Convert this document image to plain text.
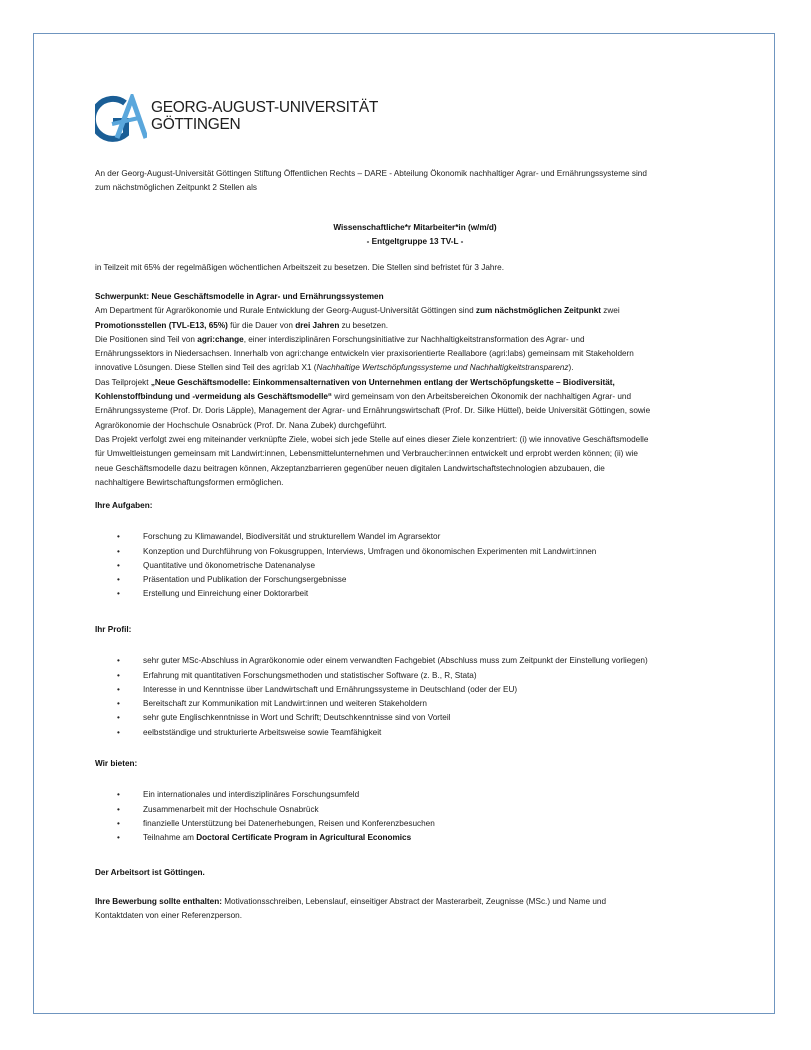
GEORG-AUGUST-UNIVERSITÄT
GÖTTINGEN

An der Georg-August-Universität Göttingen Stiftung Öffentlichen Rechts – DARE - Abteilung Ökonomik nachhaltiger Agrar- und Ernährungssysteme sind

zum nächstmöglichen Zeitpunkt 2 Stellen als

Wissenschaftliche*r Mitarbeiter*in (w/m/d)

- Entgeltgruppe 13 TV-L -

in Teilzeit mit 65% der regelmäßigen wöchentlichen Arbeitszeit zu besetzen. Die Stellen sind befristet für 3 Jahre.

Schwerpunkt: Neue Geschäftsmodelle in Agrar- und Ernährungssystemen

Am Department für Agrarökonomie und Rurale Entwicklung der Georg-August-Universität Göttingen sind zum nächstmöglichen Zeitpunkt zwei

Promotionsstellen (TVL-E13, 65%) für die Dauer von drei Jahren zu besetzen.

Die Positionen sind Teil von agri:change, einer interdisziplinären Forschungsinitiative zur Nachhaltigkeitstransformation des Agrar- und

Ernährungssektors in Niedersachsen. Innerhalb von agri:change entwickeln vier praxisorientierte Reallabore (agri:labs) gemeinsam mit Stakeholdern

innovative Lösungen. Diese Stellen sind Teil des agri:lab X1 (Nachhaltige Wertschöpfungssysteme und Nachhaltigkeitstransparenz).

Das Teilprojekt „Neue Geschäftsmodelle: Einkommensalternativen von Unternehmen entlang der Wertschöpfungskette – Biodiversität,

Kohlenstoffbindung und -vermeidung als Geschäftsmodelle“ wird gemeinsam von den Arbeitsbereichen Ökonomik der nachhaltigen Agrar- und

Ernährungssysteme (Prof. Dr. Doris Läpple), Management der Agrar- und Ernährungswirtschaft (Prof. Dr. Silke Hüttel), beide Universität Göttingen, sowie

Agrarökonomie der Hochschule Osnabrück (Prof. Dr. Nana Zubek) durchgeführt.

Das Projekt verfolgt zwei eng miteinander verknüpfte Ziele, wobei sich jede Stelle auf eines dieser Ziele konzentriert: (i) wie innovative Geschäftsmodelle

für Umweltleistungen gemeinsam mit Landwirt:innen, Lebensmittelunternehmen und Verbraucher:innen entwickelt und erprobt werden können; (ii) wie

neue Geschäftsmodelle dazu beitragen können, Akzeptanzbarrieren gegenüber neuen digitalen Landwirtschaftstechnologien abzubauen, die

nachhaltigere Bewirtschaftungsformen ermöglichen.

Ihre Aufgaben:

•	Forschung zu Klimawandel, Biodiversität und strukturellem Wandel im Agrarsektor
•	Konzeption und Durchführung von Fokusgruppen, Interviews, Umfragen und ökonomischen Experimenten mit Landwirt:innen
•	Quantitative und ökonometrische Datenanalyse
•	Präsentation und Publikation der Forschungsergebnisse
•	Erstellung und Einreichung einer Doktorarbeit

Ihr Profil:

•	sehr guter MSc-Abschluss in Agrarökonomie oder einem verwandten Fachgebiet (Abschluss muss zum Zeitpunkt der Einstellung vorliegen)
•	Erfahrung mit quantitativen Forschungsmethoden und statistischer Software (z. B., R, Stata)
•	Interesse in und Kenntnisse über Landwirtschaft und Ernährungssysteme in Deutschland (oder der EU)
•	Bereitschaft zur Kommunikation mit Landwirt:innen und weiteren Stakeholdern
•	sehr gute Englischkenntnisse in Wort und Schrift; Deutschkenntnisse sind von Vorteil
•	eelbstständige und strukturierte Arbeitsweise sowie Teamfähigkeit

Wir bieten:

•	Ein internationales und interdisziplinäres Forschungsumfeld
•	Zusammenarbeit mit der Hochschule Osnabrück
•	finanzielle Unterstützung bei Datenerhebungen, Reisen und Konferenzbesuchen
•	Teilnahme am Doctoral Certificate Program in Agricultural Economics

Der Arbeitsort ist Göttingen.

Ihre Bewerbung sollte enthalten: Motivationsschreiben, Lebenslauf, einseitiger Abstract der Masterarbeit, Zeugnisse (MSc.) und Name und

Kontaktdaten von einer Referenzperson.
